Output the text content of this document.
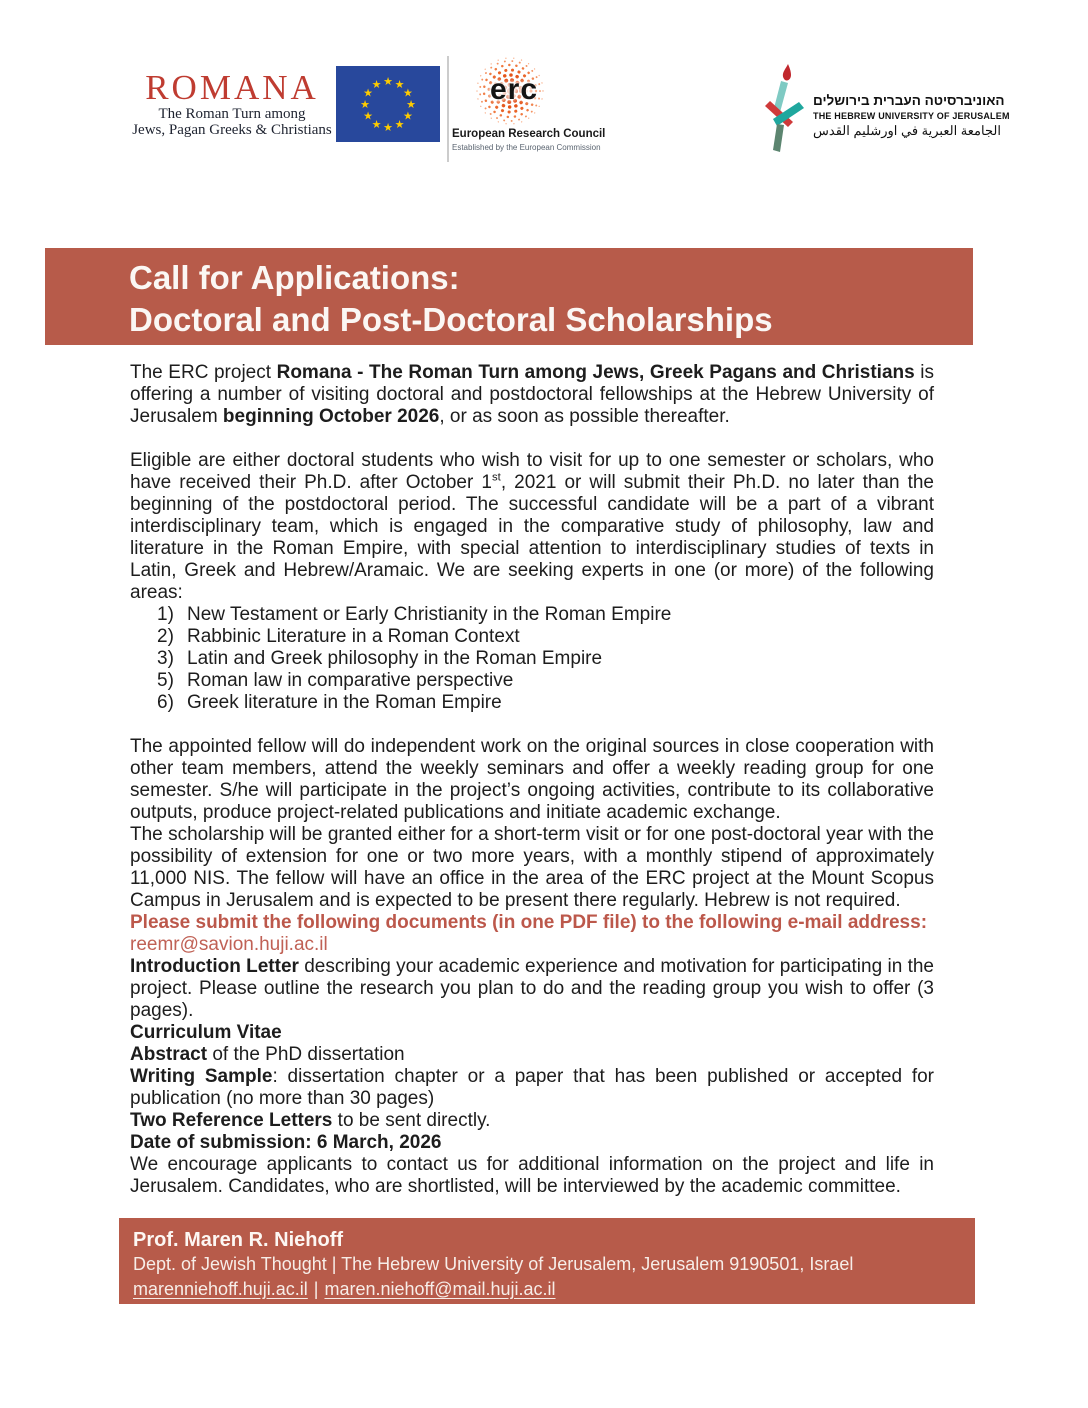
ROMANA
The Roman Turn among
Jews, Pagan Greeks & Christians
★ ★
★
★
★
★
★
★
★
★
★
★	erc
European Research Council
Established by the European Commission
האוניברסיטה העברית בירושלים
THE HEBREW UNIVERSITY OF JERUSALEM
الجامعة العبرية في اورشليم القدس
Call for Applications:
Doctoral and Post-Doctoral Scholarships

The ERC project Romana - The Roman Turn among Jews, Greek Pagans and Christians is offering a number of visiting doctoral and postdoctoral fellowships at the Hebrew University of Jerusalem beginning October 2026, or as soon as possible thereafter.

Eligible are either doctoral students who wish to visit for up to one semester or scholars, who have received their Ph.D. after October 1st, 2021 or will submit their Ph.D. no later than the beginning of the postdoctoral period. The successful candidate will be a part of a vibrant interdisciplinary team, which is engaged in the comparative study of philosophy, law and literature in the Roman Empire, with special attention to interdisciplinary studies of texts in Latin, Greek and Hebrew/Aramaic. We are seeking experts in one (or more) of the following areas:

1) New Testament or Early Christianity in the Roman Empire
2) Rabbinic Literature in a Roman Context
3) Latin and Greek philosophy in the Roman Empire
5) Roman law in comparative perspective
6) Greek literature in the Roman Empire

The appointed fellow will do independent work on the original sources in close cooperation with other team members, attend the weekly seminars and offer a weekly reading group for one semester. S/he will participate in the project’s ongoing activities, contribute to its collaborative outputs, produce project-related publications and initiate academic exchange.

The scholarship will be granted either for a short-term visit or for one post-doctoral year with the possibility of extension for one or two more years, with a monthly stipend of approximately 11,000 NIS. The fellow will have an office in the area of the ERC project at the Mount Scopus Campus in Jerusalem and is expected to be present there regularly. Hebrew is not required.

Please submit the following documents (in one PDF file) to the following e-mail address:

reemr@savion.huji.ac.il

Introduction Letter describing your academic experience and motivation for participating in the project. Please outline the research you plan to do and the reading group you wish to offer (3 pages).

Curriculum Vitae

Abstract of the PhD dissertation

Writing Sample: dissertation chapter or a paper that has been published or accepted for publication (no more than 30 pages)

Two Reference Letters to be sent directly.

Date of submission: 6 March, 2026

We encourage applicants to contact us for additional information on the project and life in Jerusalem. Candidates, who are shortlisted, will be interviewed by the academic committee.

Prof. Maren R. Niehoff
Dept. of Jewish Thought | The Hebrew University of Jerusalem, Jerusalem 9190501, Israel
marenniehoff.huji.ac.il | maren.niehoff@mail.huji.ac.il
